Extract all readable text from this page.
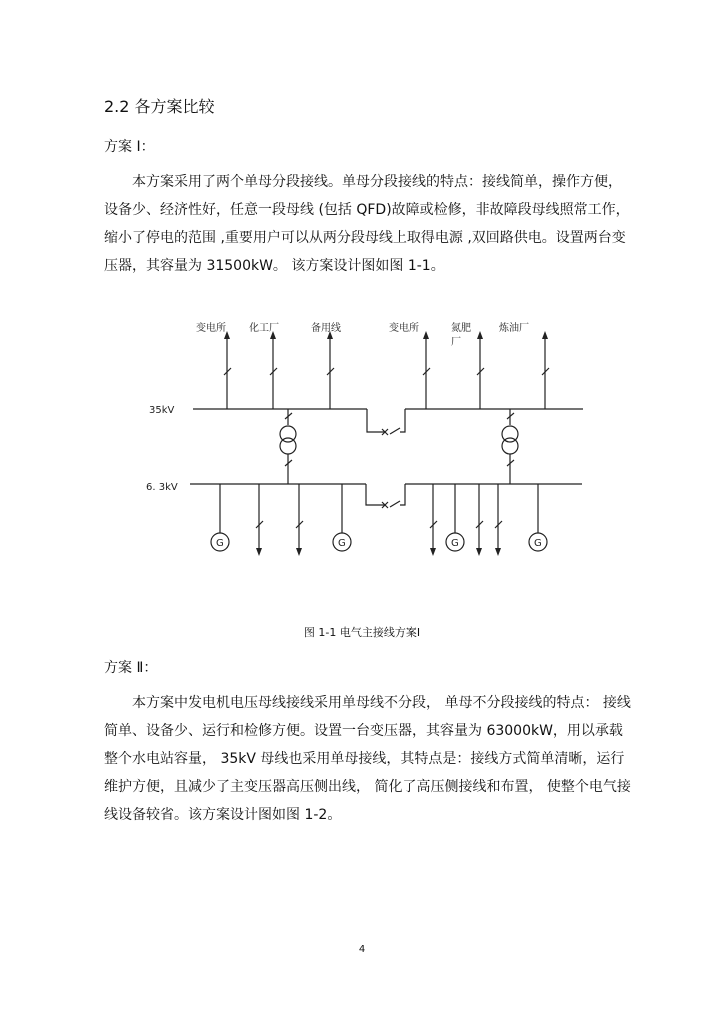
2.2 各方案比较
方案 Ⅰ：
本方案采用了两个单母分段接线。单母分段接线的特点：接线简单，操作方便，
设备少、经济性好，任意一段母线 (包括 QFD)故障或检修，非故障段母线照常工作，
缩小了停电的范围 ,重要用户可以从两分段母线上取得电源 ,双回路供电。设置两台变
压器，其容量为 31500kW。 该方案设计图如图 1-1。
35kV
6. 3kV
变电所 化工厂	备用线	变电所	氮肥
厂
炼油厂
G	G	G	G
图 1-1 电气主接线方案Ⅰ
方案 Ⅱ：
本方案中发电机电压母线接线采用单母线不分段， 单母不分段接线的特点： 接线
简单、设备少、运行和检修方便。设置一台变压器，其容量为 63000kW，用以承载
整个水电站容量， 35kV 母线也采用单母接线，其特点是：接线方式简单清晰，运行
维护方便，且减少了主变压器高压侧出线， 简化了高压侧接线和布置， 使整个电气接
线设备较省。该方案设计图如图 1-2。
4
